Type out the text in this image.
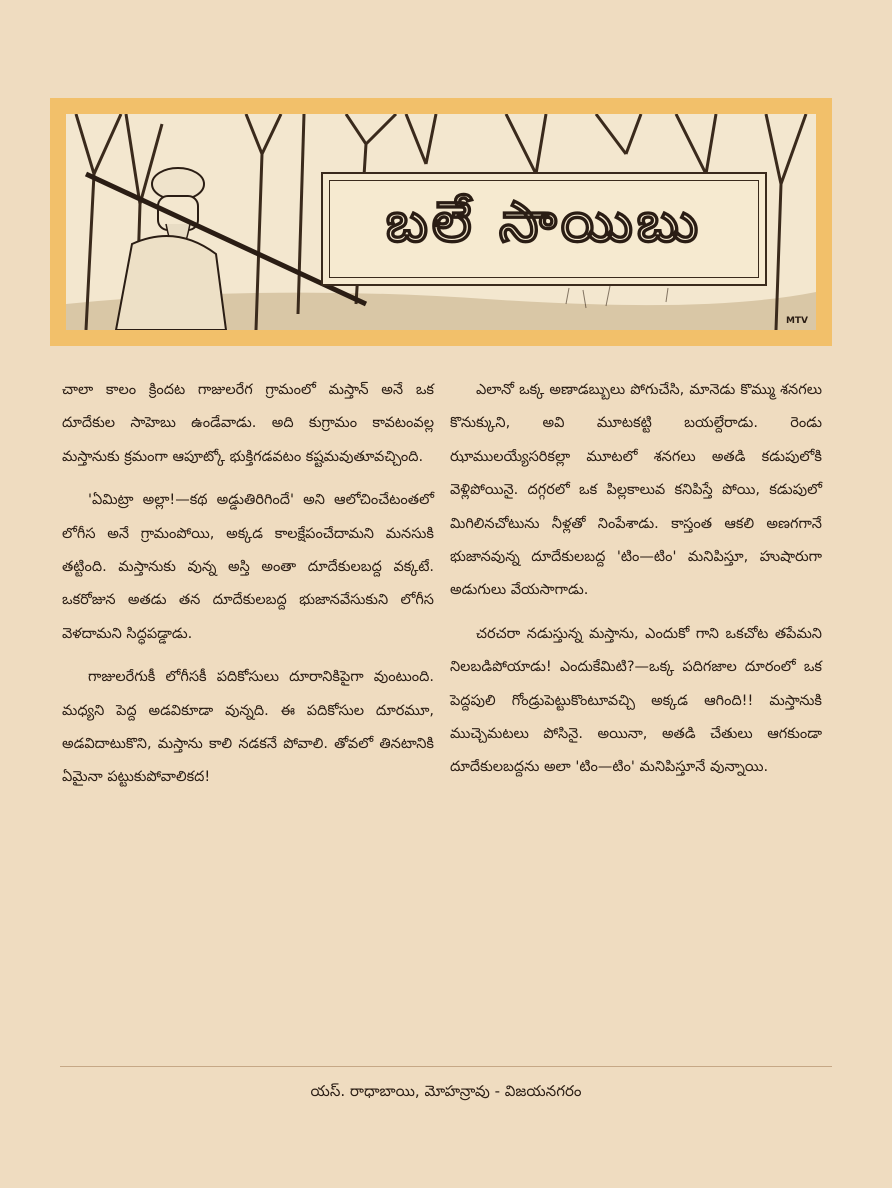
బలే సాయిబు
MTV

చాలా కాలం క్రిందట గాజులరేగ గ్రామంలో మస్తాన్ అనే ఒక దూదేకుల సాహెబు ఉండేవాడు. అది కుగ్రామం కావటంవల్ల మస్తానుకు క్రమంగా ఆపూట్కో భుక్తిగడవటం కష్టమవుతూవచ్చింది.

'ఏమిట్రా అల్లా!—కథ అడ్డుతిరిగిందే' అని ఆలోచించేటంతలో లోగీస అనే గ్రామంపోయి, అక్కడ కాలక్షేపంచేదామని మనసుకి తట్టింది. మస్తానుకు వున్న అస్తి అంతా దూదేకులబద్ద వక్కటే. ఒకరోజున అతడు తన దూదేకులబద్ద భుజానవేసుకుని లోగీస వెళదామని సిద్ధపడ్డాడు.

గాజులరేగుకీ లోగీసకీ పదికోసులు దూరానికిపైగా వుంటుంది. మధ్యని పెద్ద అడవికూడా వున్నది. ఈ పదికోసుల దూరమూ, అడవిదాటుకొని, మస్తాను కాలి నడకనే పోవాలి. తోవలో తినటానికి ఏమైనా పట్టుకుపోవాలికద!

ఎలానో ఒక్క అణాడబ్బులు పోగుచేసి, మానెడు కొమ్ము శనగలు కొనుక్కుని, అవి మూటకట్టి బయల్దేరాడు. రెండు ఝాములయ్యేసరికల్లా మూటలో శనగలు అతడి కడుపులోకి వెళ్లిపోయినై. దగ్గరలో ఒక పిల్లకాలువ కనిపిస్తే పోయి, కడుపులో మిగిలినచోటును నీళ్లతో నింపేశాడు. కాస్తంత ఆకలి అణగగానే భుజానవున్న దూదేకులబద్ద 'టిం—టిం' మనిపిస్తూ, హుషారుగా అడుగులు వేయసాగాడు.

చరచరా నడుస్తున్న మస్తాను, ఎందుకో గాని ఒకచోట తపేమని నిలబడిపోయాడు! ఎందుకేమిటి?—ఒక్క పదిగజాల దూరంలో ఒక పెద్దపులి గోండ్రుపెట్టుకొంటూవచ్చి అక్కడ ఆగింది!! మస్తానుకి ముచ్చెమటలు పోసినై. అయినా, అతడి చేతులు ఆగకుండా దూదేకులబద్దను అలా 'టిం—టిం' మనిపిస్తూనే వున్నాయి.

యస్. రాధాబాయి, మోహన్రావు - విజయనగరం
